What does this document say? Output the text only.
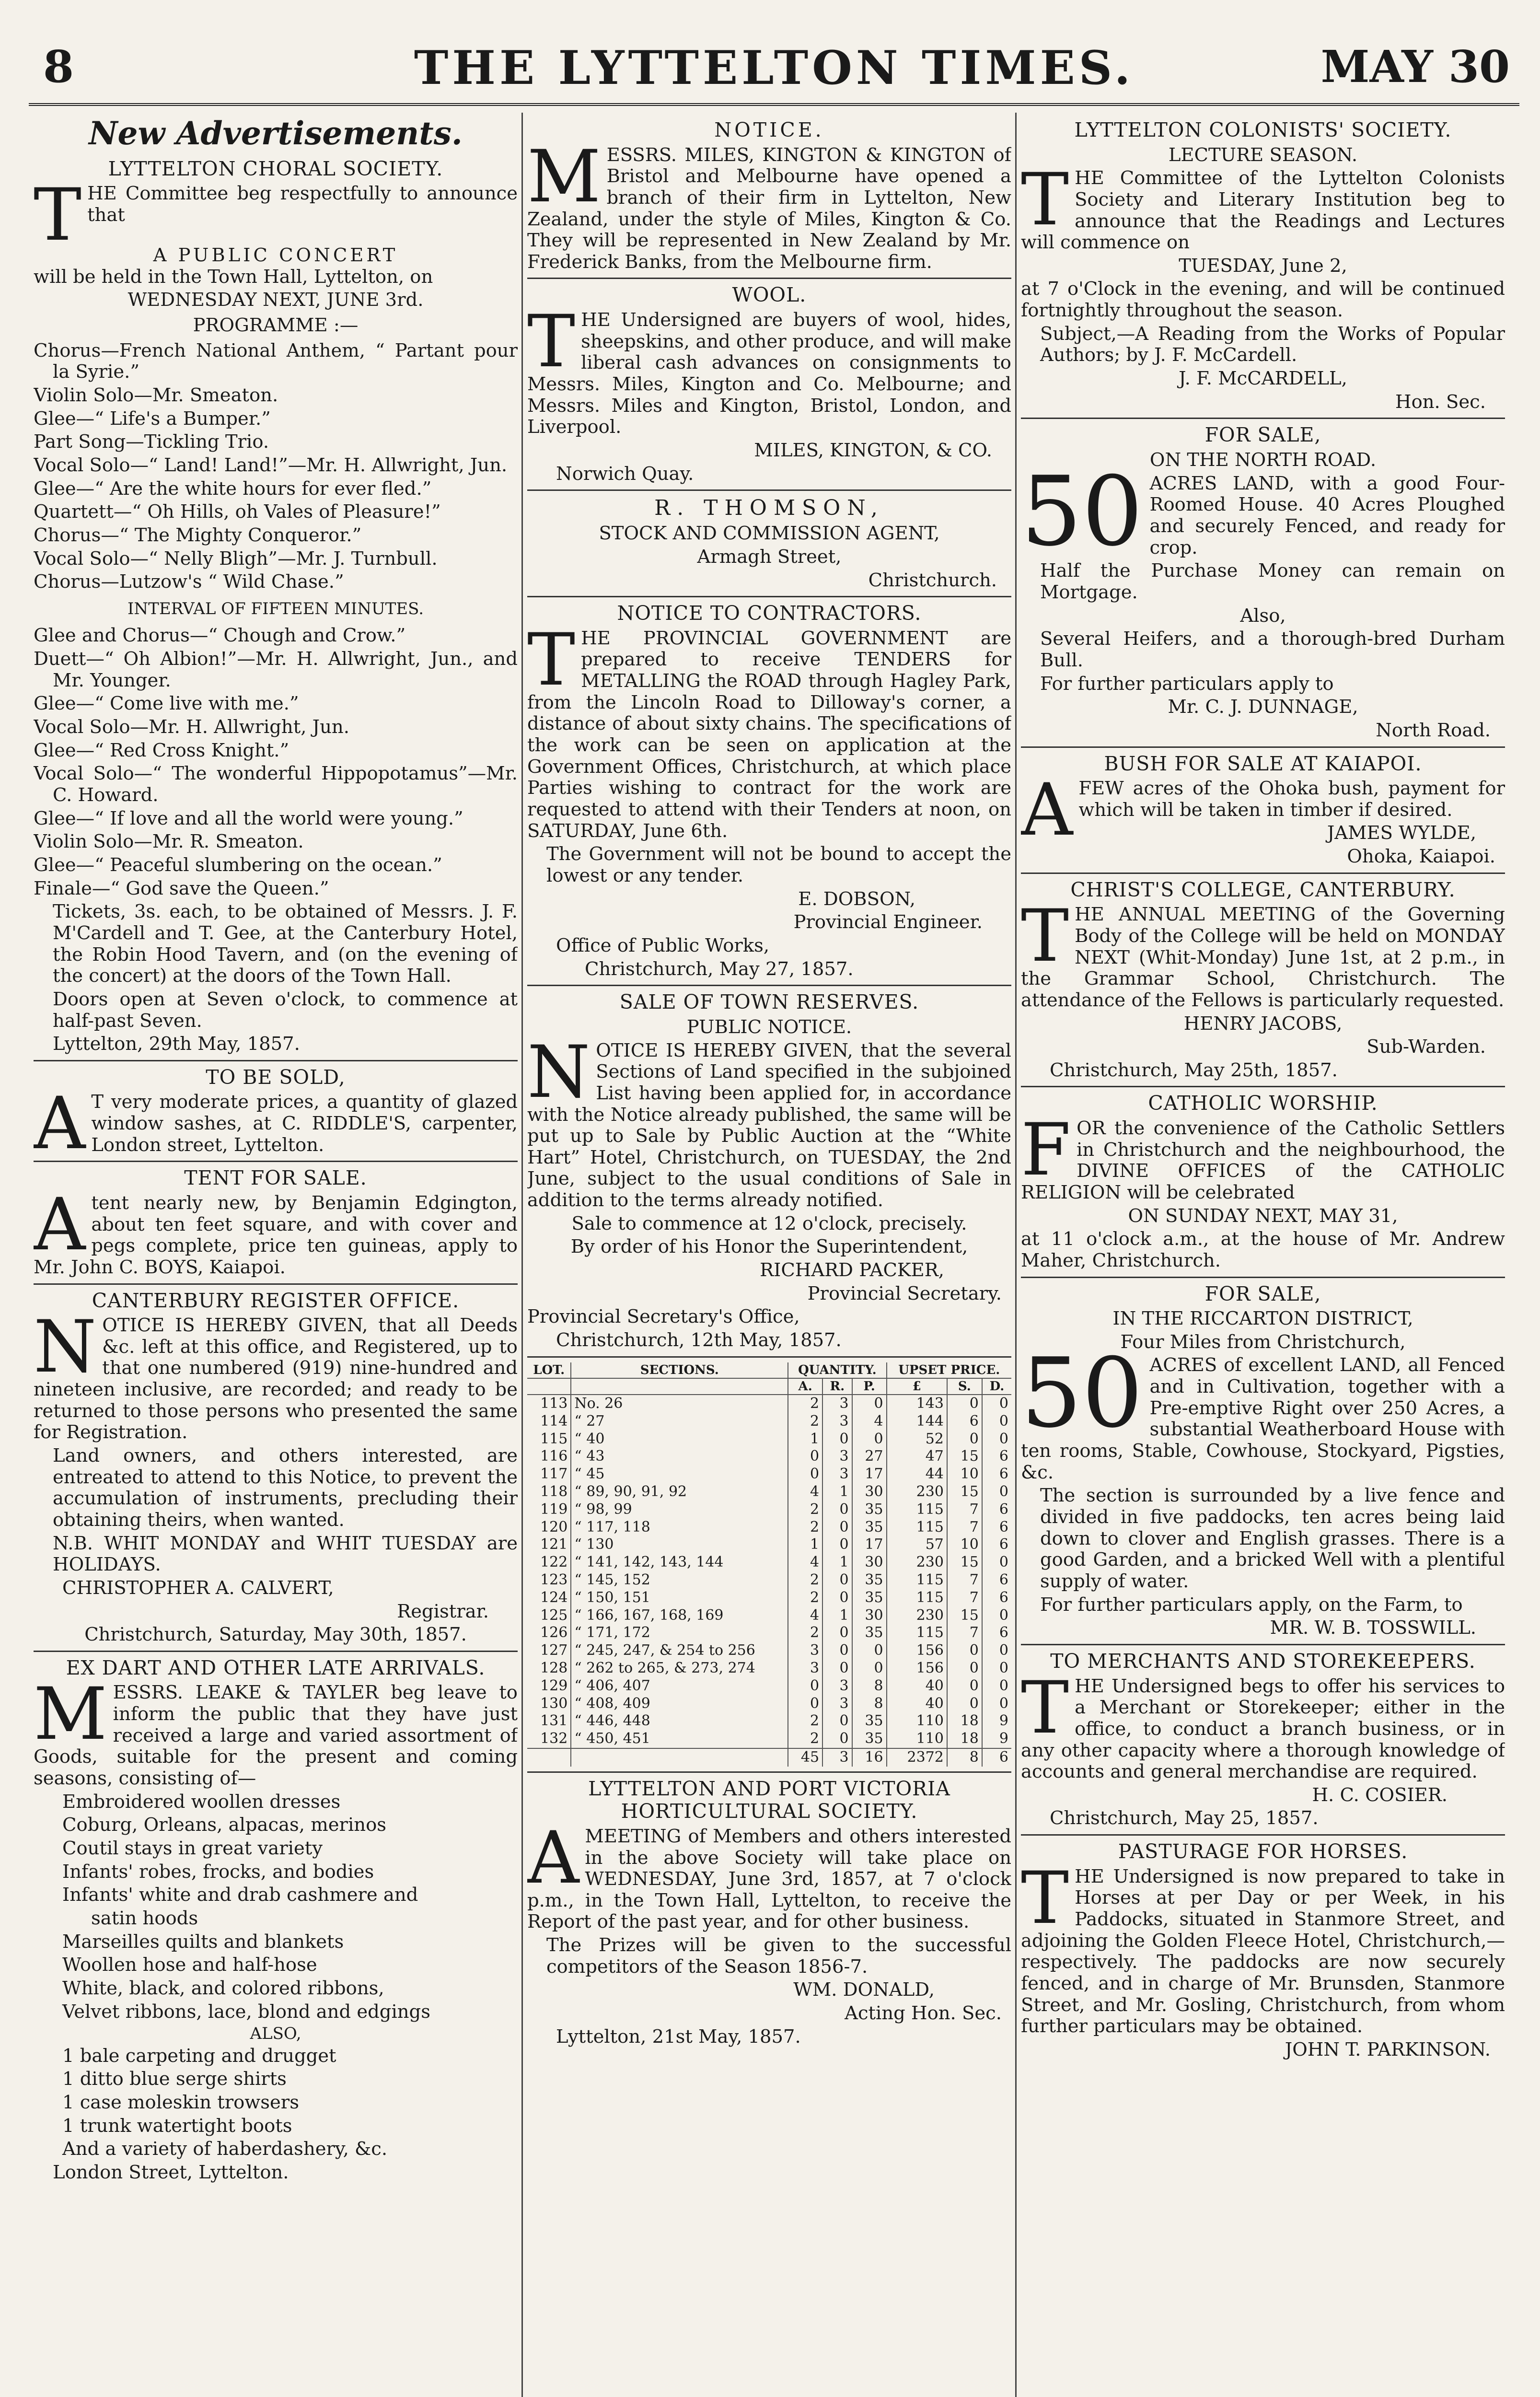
8	THE LYTTELTON TIMES.	MAY 30
New Advertisements.
LYTTELTON CHORAL SOCIETY.
T HE Committee beg respectfully to announce that

A PUBLIC CONCERT

will be held in the Town Hall, Lyttelton, on

WEDNESDAY NEXT, JUNE 3rd.
PROGRAMME :—

Chorus—French National Anthem, “ Partant pour la Syrie.”

Violin Solo—Mr. Smeaton.

Glee—“ Life's a Bumper.”

Part Song—Tickling Trio.

Vocal Solo—“ Land! Land!”—Mr. H. Allwright, Jun.

Glee—“ Are the white hours for ever fled.”

Quartett—“ Oh Hills, oh Vales of Pleasure!”

Chorus—“ The Mighty Conqueror.”

Vocal Solo—“ Nelly Bligh”—Mr. J. Turnbull.

Chorus—Lutzow's “ Wild Chase.”

INTERVAL OF FIFTEEN MINUTES.

Glee and Chorus—“ Chough and Crow.”

Duett—“ Oh Albion!”—Mr. H. Allwright, Jun., and Mr. Younger.

Glee—“ Come live with me.”

Vocal Solo—Mr. H. Allwright, Jun.

Glee—“ Red Cross Knight.”

Vocal Solo—“ The wonderful Hippopotamus”—Mr. C. Howard.

Glee—“ If love and all the world were young.”

Violin Solo—Mr. R. Smeaton.

Glee—“ Peaceful slumbering on the ocean.”

Finale—“ God save the Queen.”

Tickets, 3s. each, to be obtained of Messrs. J. F. M'Cardell and T. Gee, at the Canterbury Hotel, the Robin Hood Tavern, and (on the evening of the concert) at the doors of the Town Hall.

Doors open at Seven o'clock, to commence at half-past Seven.

Lyttelton, 29th May, 1857.

TO BE SOLD,
A T very moderate prices, a quantity of glazed window sashes, at C. RIDDLE'S, carpenter, London street, Lyttelton.

TENT FOR SALE.
A tent nearly new, by Benjamin Edgington, about ten feet square, and with cover and pegs complete, price ten guineas, apply to Mr. John C. BOYS, Kaiapoi.

CANTERBURY REGISTER OFFICE.
N OTICE IS HEREBY GIVEN, that all Deeds &c. left at this office, and Registered, up to that one numbered (919) nine-hundred and nineteen inclusive, are recorded; and ready to be returned to those persons who presented the same for Registration.

Land owners, and others interested, are entreated to attend to this Notice, to prevent the accumulation of instruments, precluding their obtaining theirs, when wanted.

N.B. WHIT MONDAY and WHIT TUESDAY are HOLIDAYS.

CHRISTOPHER A. CALVERT,

Registrar.

Christchurch, Saturday, May 30th, 1857.

EX DART AND OTHER LATE ARRIVALS.
M ESSRS. LEAKE & TAYLER beg leave to inform the public that they have just received a large and varied assortment of Goods, suitable for the present and coming seasons, consisting of—

Embroidered woollen dresses

Coburg, Orleans, alpacas, merinos

Coutil stays in great variety

Infants' robes, frocks, and bodies

Infants' white and drab cashmere and

satin hoods

Marseilles quilts and blankets

Woollen hose and half-hose

White, black, and colored ribbons,

Velvet ribbons, lace, blond and edgings

ALSO,

1 bale carpeting and drugget

1 ditto blue serge shirts

1 case moleskin trowsers

1 trunk watertight boots

And a variety of haberdashery, &c.

London Street, Lyttelton.

NOTICE.
M ESSRS. MILES, KINGTON & KINGTON of Bristol and Melbourne have opened a branch of their firm in Lyttelton, New Zealand, under the style of Miles, Kington & Co. They will be represented in New Zealand by Mr. Frederick Banks, from the Melbourne firm.

WOOL.
T HE Undersigned are buyers of wool, hides, sheepskins, and other produce, and will make liberal cash advances on consignments to Messrs. Miles, Kington and Co. Melbourne; and Messrs. Miles and Kington, Bristol, London, and Liverpool.

MILES, KINGTON, & CO.

Norwich Quay.

R. THOMSON,
STOCK AND COMMISSION AGENT,
Armagh Street,
Christchurch.
NOTICE TO CONTRACTORS.
T HE PROVINCIAL GOVERNMENT are prepared to receive TENDERS for METALLING the ROAD through Hagley Park, from the Lincoln Road to Dilloway's corner, a distance of about sixty chains. The specifications of the work can be seen on application at the Government Offices, Christchurch, at which place Parties wishing to contract for the work are requested to attend with their Tenders at noon, on SATURDAY, June 6th.

The Government will not be bound to accept the lowest or any tender.

E. DOBSON,

Provincial Engineer.

Office of Public Works,

Christchurch, May 27, 1857.

SALE OF TOWN RESERVES.
PUBLIC NOTICE.
N OTICE IS HEREBY GIVEN, that the several Sections of Land specified in the subjoined List having been applied for, in accordance with the Notice already published, the same will be put up to Sale by Public Auction at the “White Hart” Hotel, Christchurch, on TUESDAY, the 2nd June, subject to the usual conditions of Sale in addition to the terms already notified.

Sale to commence at 12 o'clock, precisely.

By order of his Honor the Superintendent,

RICHARD PACKER,

Provincial Secretary.

Provincial Secretary's Office,

Christchurch, 12th May, 1857.

LOT.	SECTIONS.	QUANTITY.			UPSET PRICE.		
		A.	R.	P.	£	S.	D.
113	No. 26	2	3	0	143	0	0
114	“ 27	2	3	4	144	6	0
115	“ 40	1	0	0	52	0	0
116	“ 43	0	3	27	47	15	6
117	“ 45	0	3	17	44	10	6
118	“ 89, 90, 91, 92	4	1	30	230	15	0
119	“ 98, 99	2	0	35	115	7	6
120	“ 117, 118	2	0	35	115	7	6
121	“ 130	1	0	17	57	10	6
122	“ 141, 142, 143, 144	4	1	30	230	15	0
123	“ 145, 152	2	0	35	115	7	6
124	“ 150, 151	2	0	35	115	7	6
125	“ 166, 167, 168, 169	4	1	30	230	15	0
126	“ 171, 172	2	0	35	115	7	6
127	“ 245, 247, & 254 to 256	3	0	0	156	0	0
128	“ 262 to 265, & 273, 274	3	0	0	156	0	0
129	“ 406, 407	0	3	8	40	0	0
130	“ 408, 409	0	3	8	40	0	0
131	“ 446, 448	2	0	35	110	18	9
132	“ 450, 451	2	0	35	110	18	9
		45	3	16	2372	8	6
LYTTELTON AND PORT VICTORIA HORTICULTURAL SOCIETY.
A MEETING of Members and others interested in the above Society will take place on WEDNESDAY, June 3rd, 1857, at 7 o'clock p.m., in the Town Hall, Lyttelton, to receive the Report of the past year, and for other business.

The Prizes will be given to the successful competitors of the Season 1856-7.

WM. DONALD,

Acting Hon. Sec.

Lyttelton, 21st May, 1857.

LYTTELTON COLONISTS' SOCIETY.
LECTURE SEASON.
T HE Committee of the Lyttelton Colonists Society and Literary Institution beg to announce that the Readings and Lectures will commence on

TUESDAY, June 2,

at 7 o'Clock in the evening, and will be continued fortnightly throughout the season.

Subject,—A Reading from the Works of Popular Authors; by J. F. McCardell.

J. F. McCARDELL,

Hon. Sec.

FOR SALE,
ON THE NORTH ROAD.
50 ACRES LAND, with a good Four-Roomed House. 40 Acres Ploughed and securely Fenced, and ready for crop.

Half the Purchase Money can remain on Mortgage.

Also,

Several Heifers, and a thorough-bred Durham Bull.

For further particulars apply to

Mr. C. J. DUNNAGE,

North Road.

BUSH FOR SALE AT KAIAPOI.
A FEW acres of the Ohoka bush, payment for which will be taken in timber if desired.

JAMES WYLDE,

Ohoka, Kaiapoi.

CHRIST'S COLLEGE, CANTERBURY.
T HE ANNUAL MEETING of the Governing Body of the College will be held on MONDAY NEXT (Whit-Monday) June 1st, at 2 p.m., in the Grammar School, Christchurch. The attendance of the Fellows is particularly requested.

HENRY JACOBS,

Sub-Warden.

Christchurch, May 25th, 1857.

CATHOLIC WORSHIP.
F OR the convenience of the Catholic Settlers in Christchurch and the neighbourhood, the DIVINE OFFICES of the CATHOLIC RELIGION will be celebrated

ON SUNDAY NEXT, MAY 31,

at 11 o'clock a.m., at the house of Mr. Andrew Maher, Christchurch.

FOR SALE,
IN THE RICCARTON DISTRICT,
Four Miles from Christchurch,
50 ACRES of excellent LAND, all Fenced and in Cultivation, together with a Pre-emptive Right over 250 Acres, a substantial Weatherboard House with ten rooms, Stable, Cowhouse, Stockyard, Pigsties, &c.

The section is surrounded by a live fence and divided in five paddocks, ten acres being laid down to clover and English grasses. There is a good Garden, and a bricked Well with a plentiful supply of water.

For further particulars apply, on the Farm, to

MR. W. B. TOSSWILL.

TO MERCHANTS AND STOREKEEPERS.
T HE Undersigned begs to offer his services to a Merchant or Storekeeper; either in the office, to conduct a branch business, or in any other capacity where a thorough knowledge of accounts and general merchandise are required.

H. C. COSIER.

Christchurch, May 25, 1857.

PASTURAGE FOR HORSES.
T HE Undersigned is now prepared to take in Horses at per Day or per Week, in his Paddocks, situated in Stanmore Street, and adjoining the Golden Fleece Hotel, Christchurch,—respectively. The paddocks are now securely fenced, and in charge of Mr. Brunsden, Stanmore Street, and Mr. Gosling, Christchurch, from whom further particulars may be obtained.

JOHN T. PARKINSON.
